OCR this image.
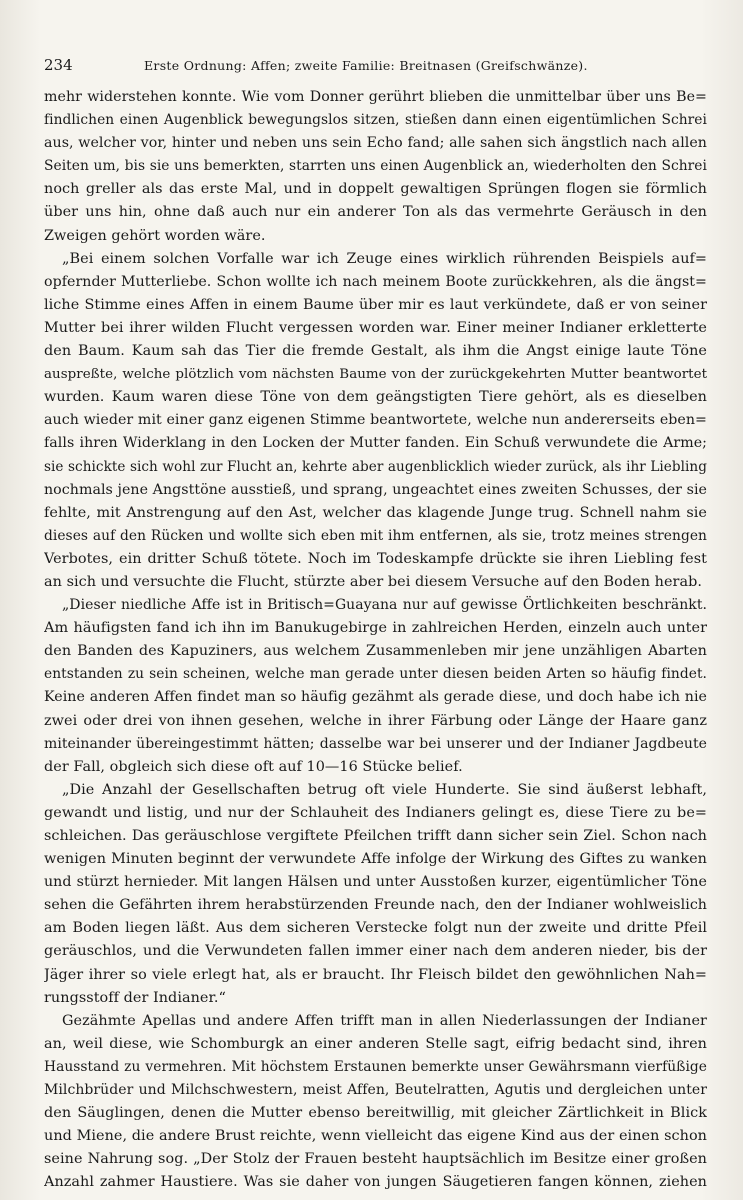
234	Erste Ordnung: Affen; zweite Familie: Breitnasen (Greifschwänze).
mehr widerstehen konnte. Wie vom Donner gerührt blieben die unmittelbar über uns Be=
findlichen einen Augenblick bewegungslos sitzen, stießen dann einen eigentümlichen Schrei
aus, welcher vor, hinter und neben uns sein Echo fand; alle sahen sich ängstlich nach allen
Seiten um, bis sie uns bemerkten, starrten uns einen Augenblick an, wiederholten den Schrei
noch greller als das erste Mal, und in doppelt gewaltigen Sprüngen flogen sie förmlich
über uns hin, ohne daß auch nur ein anderer Ton als das vermehrte Geräusch in den
Zweigen gehört worden wäre.
„Bei einem solchen Vorfalle war ich Zeuge eines wirklich rührenden Beispiels auf=
opfernder Mutterliebe. Schon wollte ich nach meinem Boote zurückkehren, als die ängst=
liche Stimme eines Affen in einem Baume über mir es laut verkündete, daß er von seiner
Mutter bei ihrer wilden Flucht vergessen worden war. Einer meiner Indianer erkletterte
den Baum. Kaum sah das Tier die fremde Gestalt, als ihm die Angst einige laute Töne
auspreßte, welche plötzlich vom nächsten Baume von der zurückgekehrten Mutter beantwortet
wurden. Kaum waren diese Töne von dem geängstigten Tiere gehört, als es dieselben
auch wieder mit einer ganz eigenen Stimme beantwortete, welche nun andererseits eben=
falls ihren Widerklang in den Locken der Mutter fanden. Ein Schuß verwundete die Arme;
sie schickte sich wohl zur Flucht an, kehrte aber augenblicklich wieder zurück, als ihr Liebling
nochmals jene Angsttöne ausstieß, und sprang, ungeachtet eines zweiten Schusses, der sie
fehlte, mit Anstrengung auf den Ast, welcher das klagende Junge trug. Schnell nahm sie
dieses auf den Rücken und wollte sich eben mit ihm entfernen, als sie, trotz meines strengen
Verbotes, ein dritter Schuß tötete. Noch im Todeskampfe drückte sie ihren Liebling fest
an sich und versuchte die Flucht, stürzte aber bei diesem Versuche auf den Boden herab.
„Dieser niedliche Affe ist in Britisch=Guayana nur auf gewisse Örtlichkeiten beschränkt.
Am häufigsten fand ich ihn im Banukugebirge in zahlreichen Herden, einzeln auch unter
den Banden des Kapuziners, aus welchem Zusammenleben mir jene unzähligen Abarten
entstanden zu sein scheinen, welche man gerade unter diesen beiden Arten so häufig findet.
Keine anderen Affen findet man so häufig gezähmt als gerade diese, und doch habe ich nie
zwei oder drei von ihnen gesehen, welche in ihrer Färbung oder Länge der Haare ganz
miteinander übereingestimmt hätten; dasselbe war bei unserer und der Indianer Jagdbeute
der Fall, obgleich sich diese oft auf 10—16 Stücke belief.
„Die Anzahl der Gesellschaften betrug oft viele Hunderte. Sie sind äußerst lebhaft,
gewandt und listig, und nur der Schlauheit des Indianers gelingt es, diese Tiere zu be=
schleichen. Das geräuschlose vergiftete Pfeilchen trifft dann sicher sein Ziel. Schon nach
wenigen Minuten beginnt der verwundete Affe infolge der Wirkung des Giftes zu wanken
und stürzt hernieder. Mit langen Hälsen und unter Ausstoßen kurzer, eigentümlicher Töne
sehen die Gefährten ihrem herabstürzenden Freunde nach, den der Indianer wohlweislich
am Boden liegen läßt. Aus dem sicheren Verstecke folgt nun der zweite und dritte Pfeil
geräuschlos, und die Verwundeten fallen immer einer nach dem anderen nieder, bis der
Jäger ihrer so viele erlegt hat, als er braucht. Ihr Fleisch bildet den gewöhnlichen Nah=
rungsstoff der Indianer.“
Gezähmte Apellas und andere Affen trifft man in allen Niederlassungen der Indianer
an, weil diese, wie Schomburgk an einer anderen Stelle sagt, eifrig bedacht sind, ihren
Hausstand zu vermehren. Mit höchstem Erstaunen bemerkte unser Gewährsmann vierfüßige
Milchbrüder und Milchschwestern, meist Affen, Beutelratten, Agutis und dergleichen unter
den Säuglingen, denen die Mutter ebenso bereitwillig, mit gleicher Zärtlichkeit in Blick
und Miene, die andere Brust reichte, wenn vielleicht das eigene Kind aus der einen schon
seine Nahrung sog. „Der Stolz der Frauen besteht hauptsächlich im Besitze einer großen
Anzahl zahmer Haustiere. Was sie daher von jungen Säugetieren fangen können, ziehen
